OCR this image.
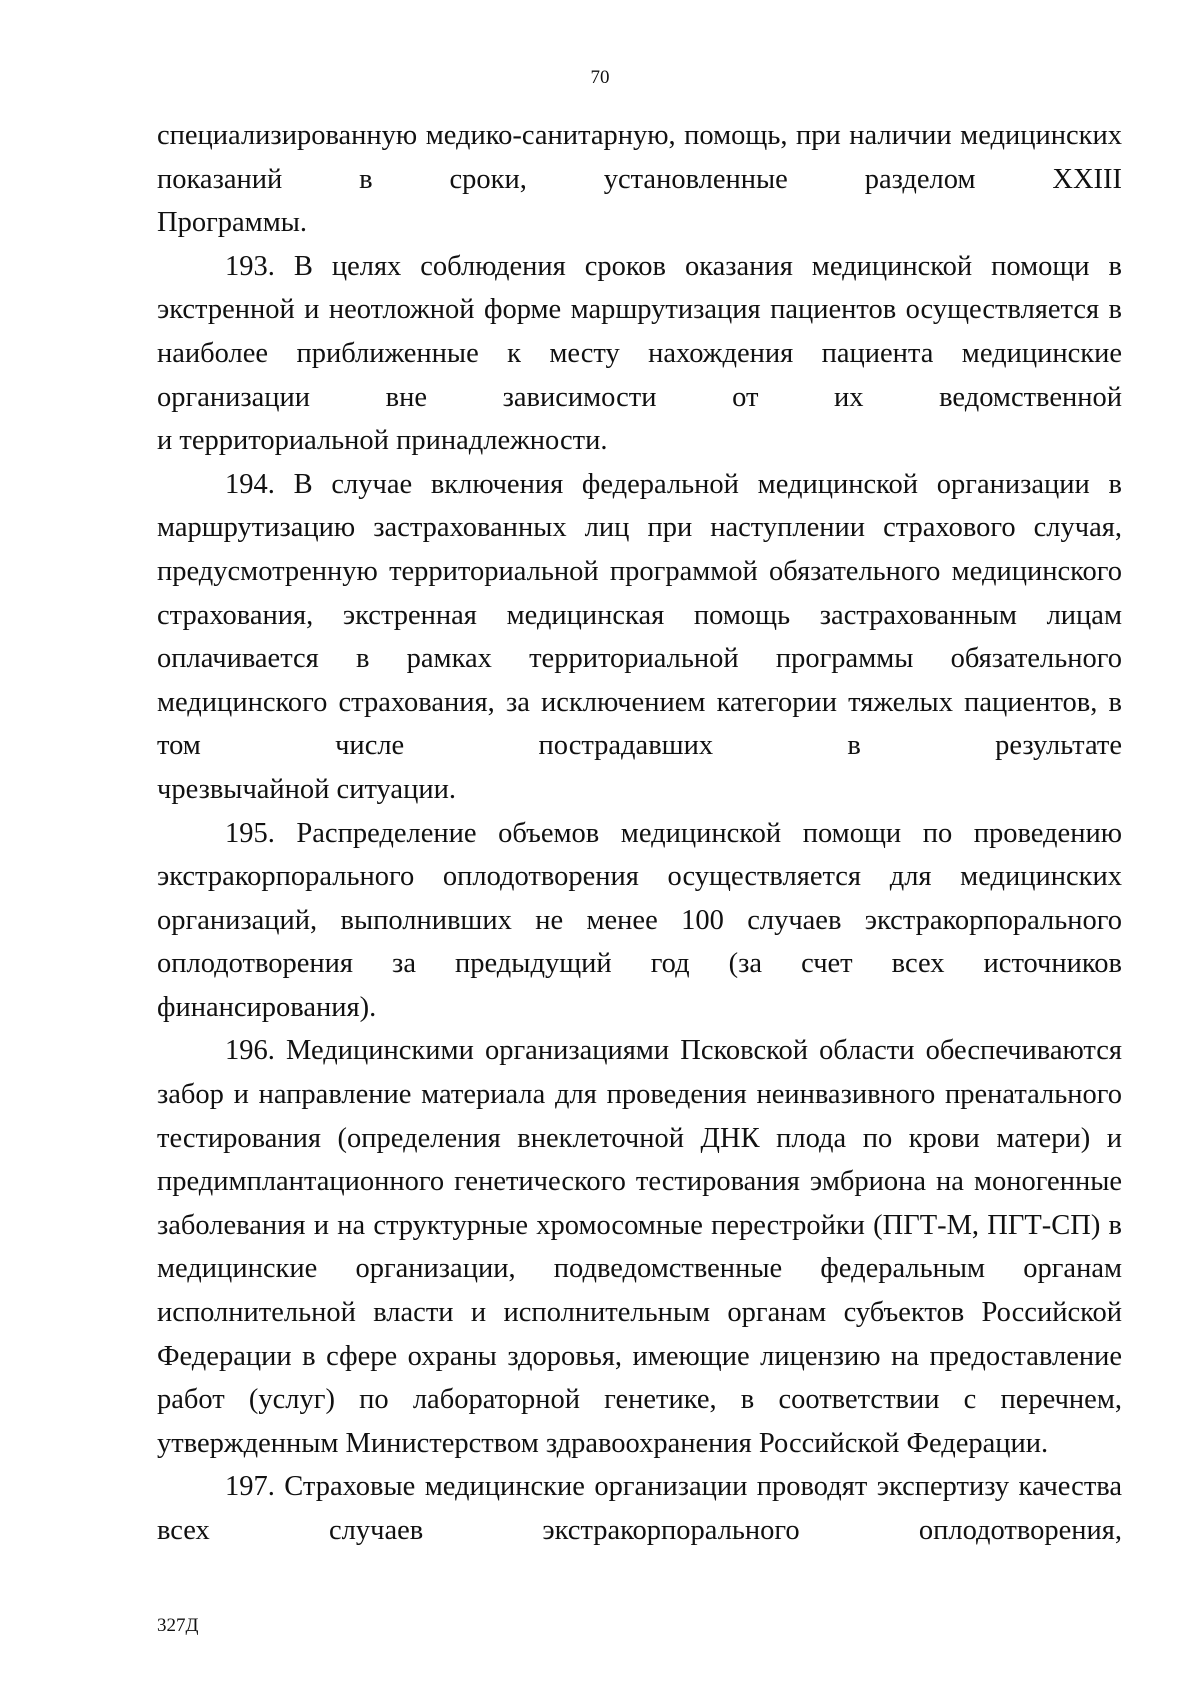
70

специализированную медико-санитарную, помощь, при наличии медицинских показаний в сроки, установленные разделом XXIII

Программы.

193. В целях соблюдения сроков оказания медицинской помощи в экстренной и неотложной форме маршрутизация пациентов осуществляется в наиболее приближенные к месту нахождения пациента медицинские организации вне зависимости от их ведомственной

и территориальной принадлежности.

194. В случае включения федеральной медицинской организации в маршрутизацию застрахованных лиц при наступлении страхового случая, предусмотренную территориальной программой обязательного медицинского страхования, экстренная медицинская помощь застрахованным лицам оплачивается в рамках территориальной программы обязательного медицинского страхования, за исключением категории тяжелых пациентов, в том числе пострадавших в результате

чрезвычайной ситуации.

195. Распределение объемов медицинской помощи по проведению экстракорпорального оплодотворения осуществляется для медицинских организаций, выполнивших не менее 100 случаев экстракорпорального оплодотворения за предыдущий год (за счет всех источников

финансирования).

196. Медицинскими организациями Псковской области обеспечиваются забор и направление материала для проведения неинвазивного пренатального тестирования (определения внеклеточной ДНК плода по крови матери) и предимплантационного генетического тестирования эмбриона на моногенные заболевания и на структурные хромосомные перестройки (ПГТ-М, ПГТ-СП) в медицинские организации, подведомственные федеральным органам исполнительной власти и исполнительным органам субъектов Российской Федерации в сфере охраны здоровья, имеющие лицензию на предоставление работ (услуг) по лабораторной генетике, в соответствии с перечнем,

утвержденным Министерством здравоохранения Российской Федерации.

197. Страховые медицинские организации проводят экспертизу качества всех случаев экстракорпорального оплодотворения,

327Д
